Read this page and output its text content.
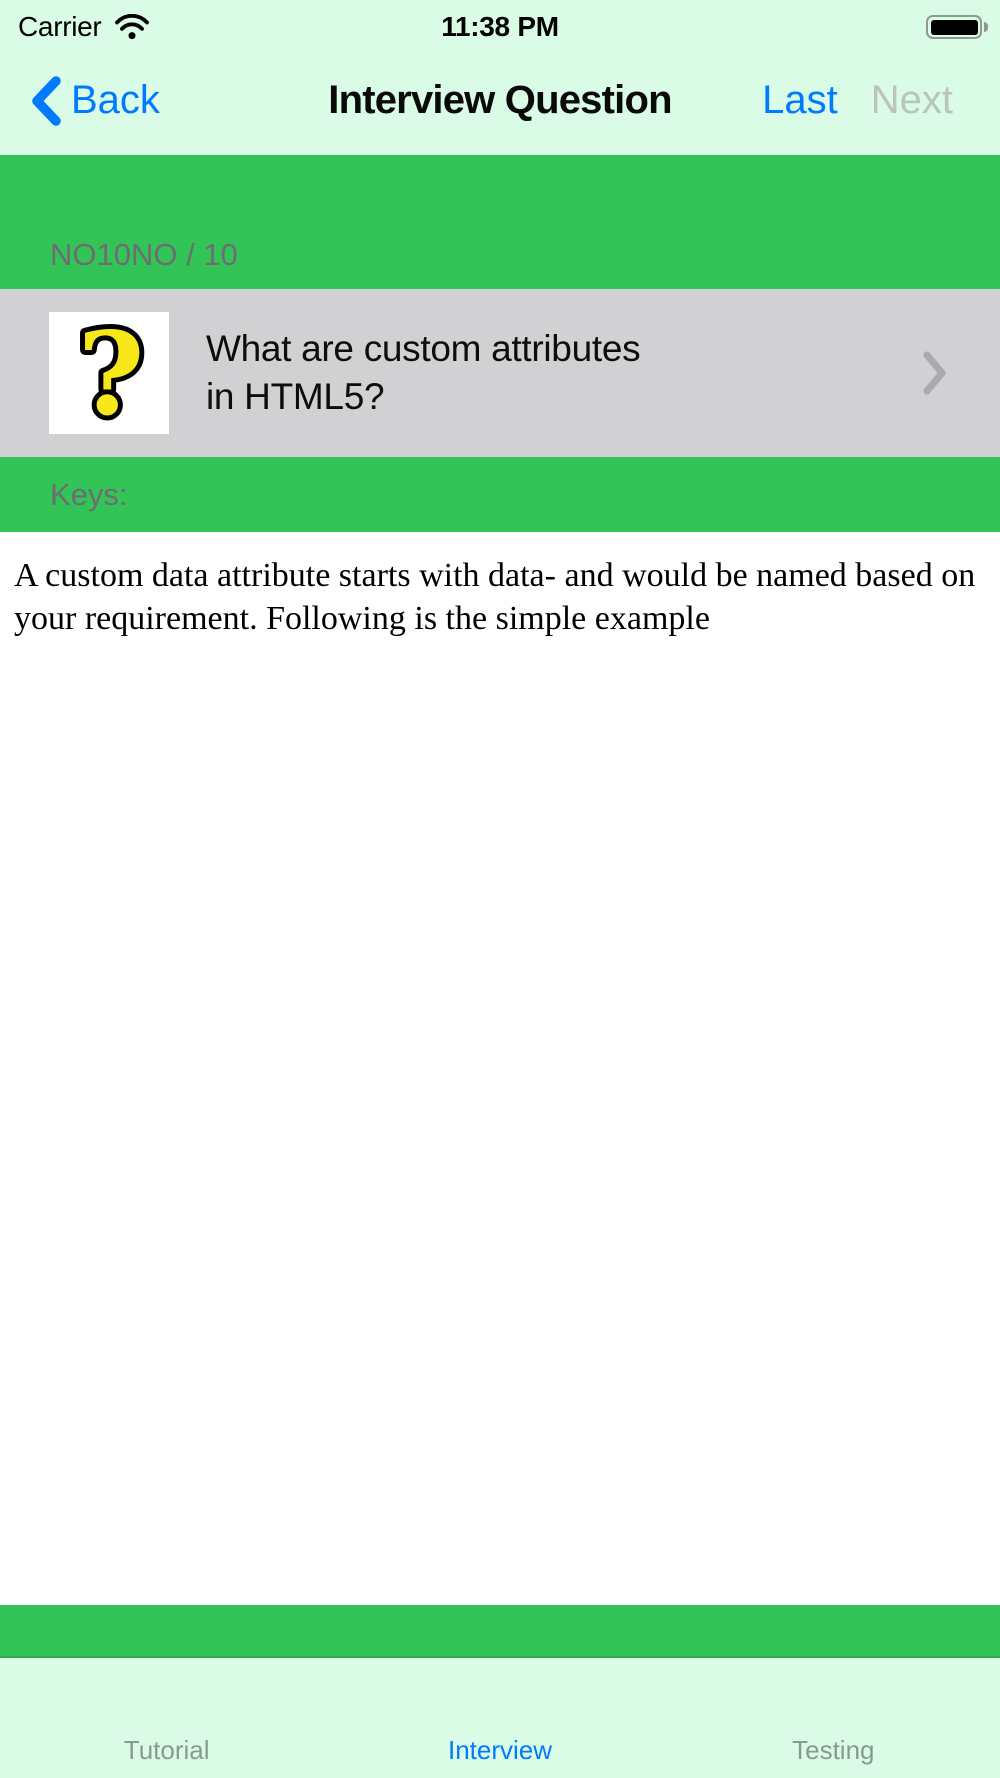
Carrier	11:38 PM
Back	Interview Question Last Next
NO10NO / 10
? What are custom attributes in HTML5?
Keys:

A custom data attribute starts with data- and would be named based on your requirement. Following is the simple example

Tutorial	Interview	Testing
